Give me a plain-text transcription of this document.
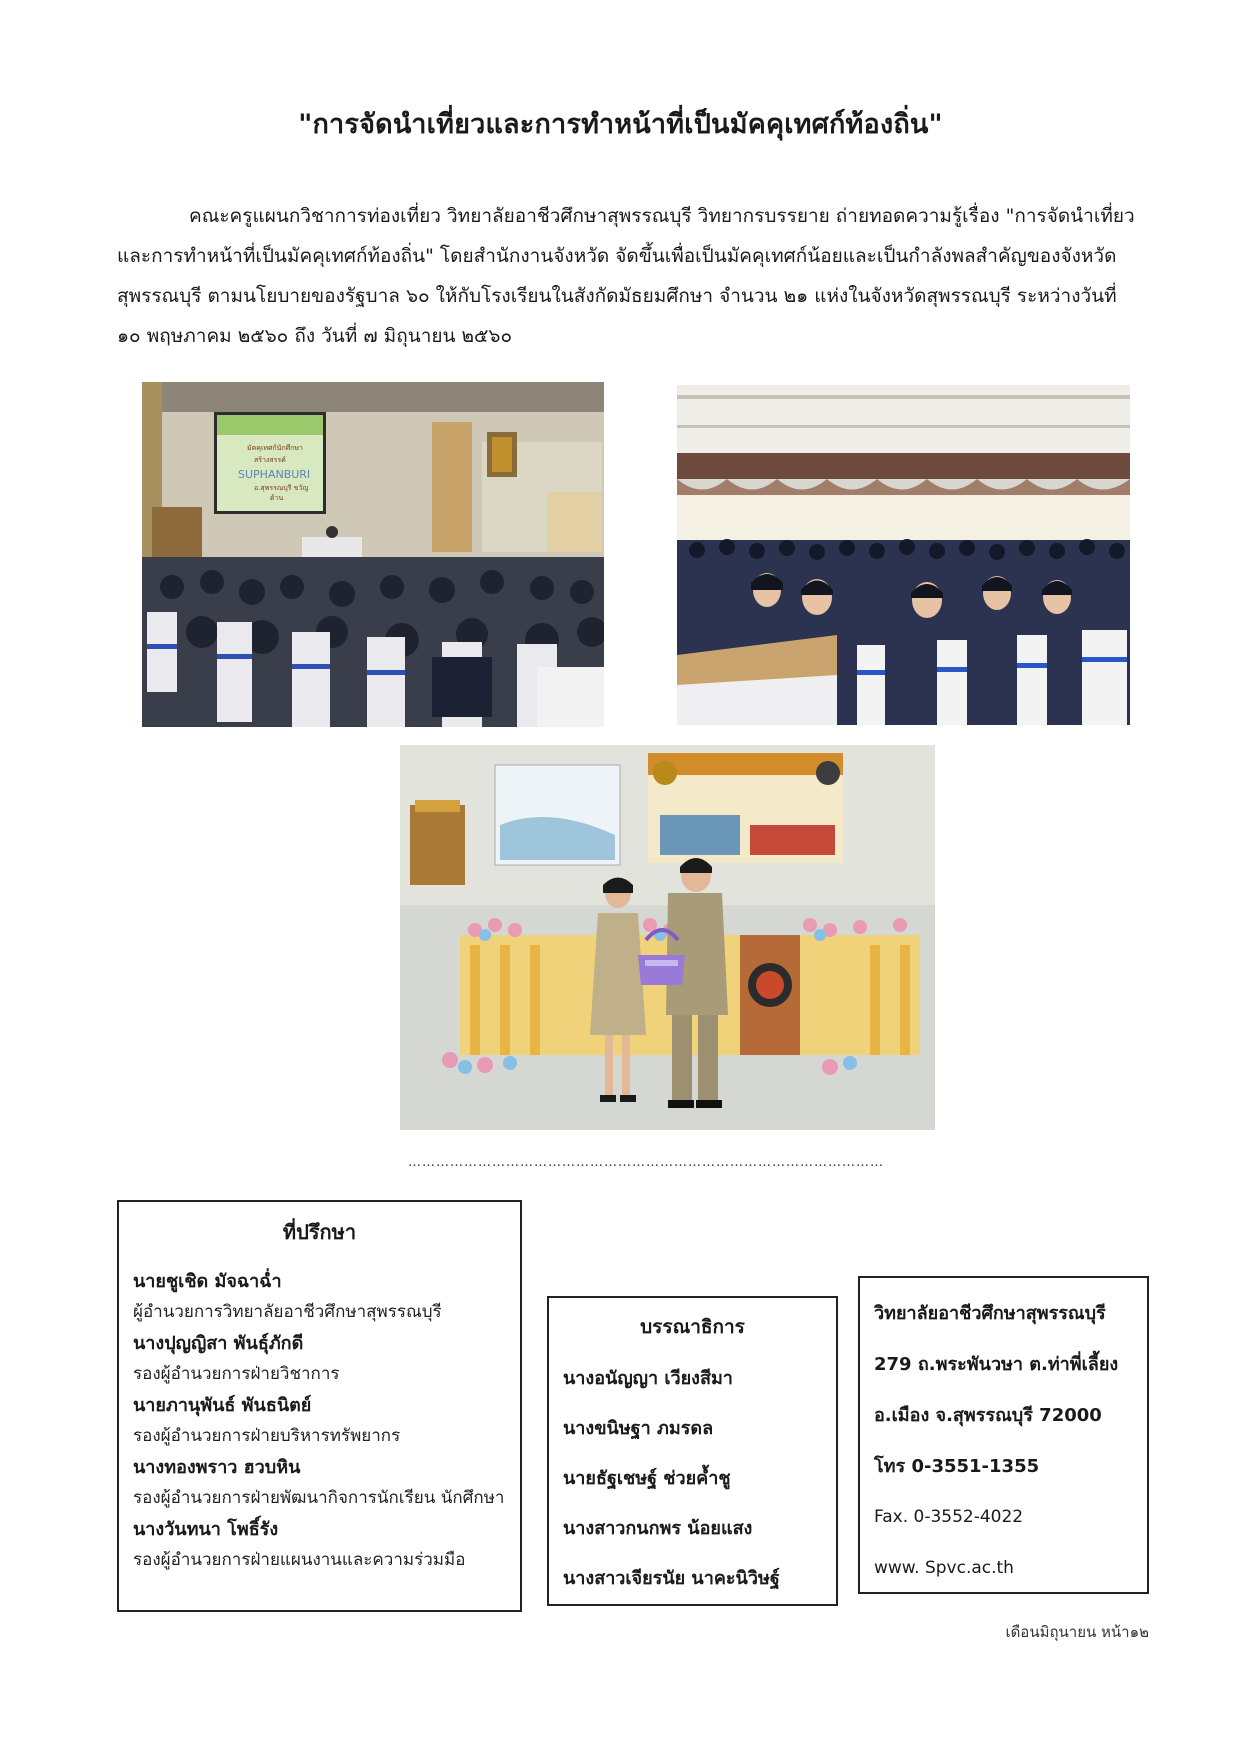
"การจัดนำเที่ยวและการทำหน้าที่เป็นมัคคุเทศก์ท้องถิ่น"

คณะครูแผนกวิชาการท่องเที่ยว วิทยาลัยอาชีวศึกษาสุพรรณบุรี วิทยากรบรรยาย ถ่ายทอดความรู้เรื่อง "การจัดนำเที่ยวและการทำหน้าที่เป็นมัคคุเทศก์ท้องถิ่น" โดยสำนักงานจังหวัด จัดขึ้นเพื่อเป็นมัคคุเทศก์น้อยและเป็นกำลังพลสำคัญของจังหวัดสุพรรณบุรี ตามนโยบายของรัฐบาล ๖๐ ให้กับโรงเรียนในสังกัดมัธยมศึกษา จำนวน ๒๑ แห่งในจังหวัดสุพรรณบุรี ระหว่างวันที่ ๑๐ พฤษภาคม ๒๕๖๐ ถึง วันที่ ๗ มิถุนายน ๒๕๖๐

มัคคุเทศก์นักศึกษา
สร้างสรรค์
SUPHANBURI
อ.สุพรรณบุรี ขวัญ
ด้าน
…………………………………………………………………………………………
ที่ปรึกษา
นายชูเชิด มัจฉาฉ่ำ
ผู้อำนวยการวิทยาลัยอาชีวศึกษาสุพรรณบุรี
นางปุญญิสา พันธุ์ภักดี
รองผู้อำนวยการฝ่ายวิชาการ
นายภานุพันธ์ พันธนิตย์
รองผู้อำนวยการฝ่ายบริหารทรัพยากร
นางทองพราว ฮวบหิน
รองผู้อำนวยการฝ่ายพัฒนากิจการนักเรียน นักศึกษา
นางวันทนา โพธิ์รัง
รองผู้อำนวยการฝ่ายแผนงานและความร่วมมือ
บรรณาธิการ
นางอนัญญา เวียงสีมา
นางขนิษฐา ภมรดล
นายธัฐเชษฐ์ ช่วยค้ำชู
นางสาวกนกพร น้อยแสง
นางสาวเจียรนัย นาคะนิวิษฐ์
วิทยาลัยอาชีวศึกษาสุพรรณบุรี
279 ถ.พระพันวษา ต.ท่าพี่เลี้ยง
อ.เมือง จ.สุพรรณบุรี 72000
โทร 0-3551-1355
Fax. 0-3552-4022
www. Spvc.ac.th
เดือนมิถุนายน หน้า๑๒
